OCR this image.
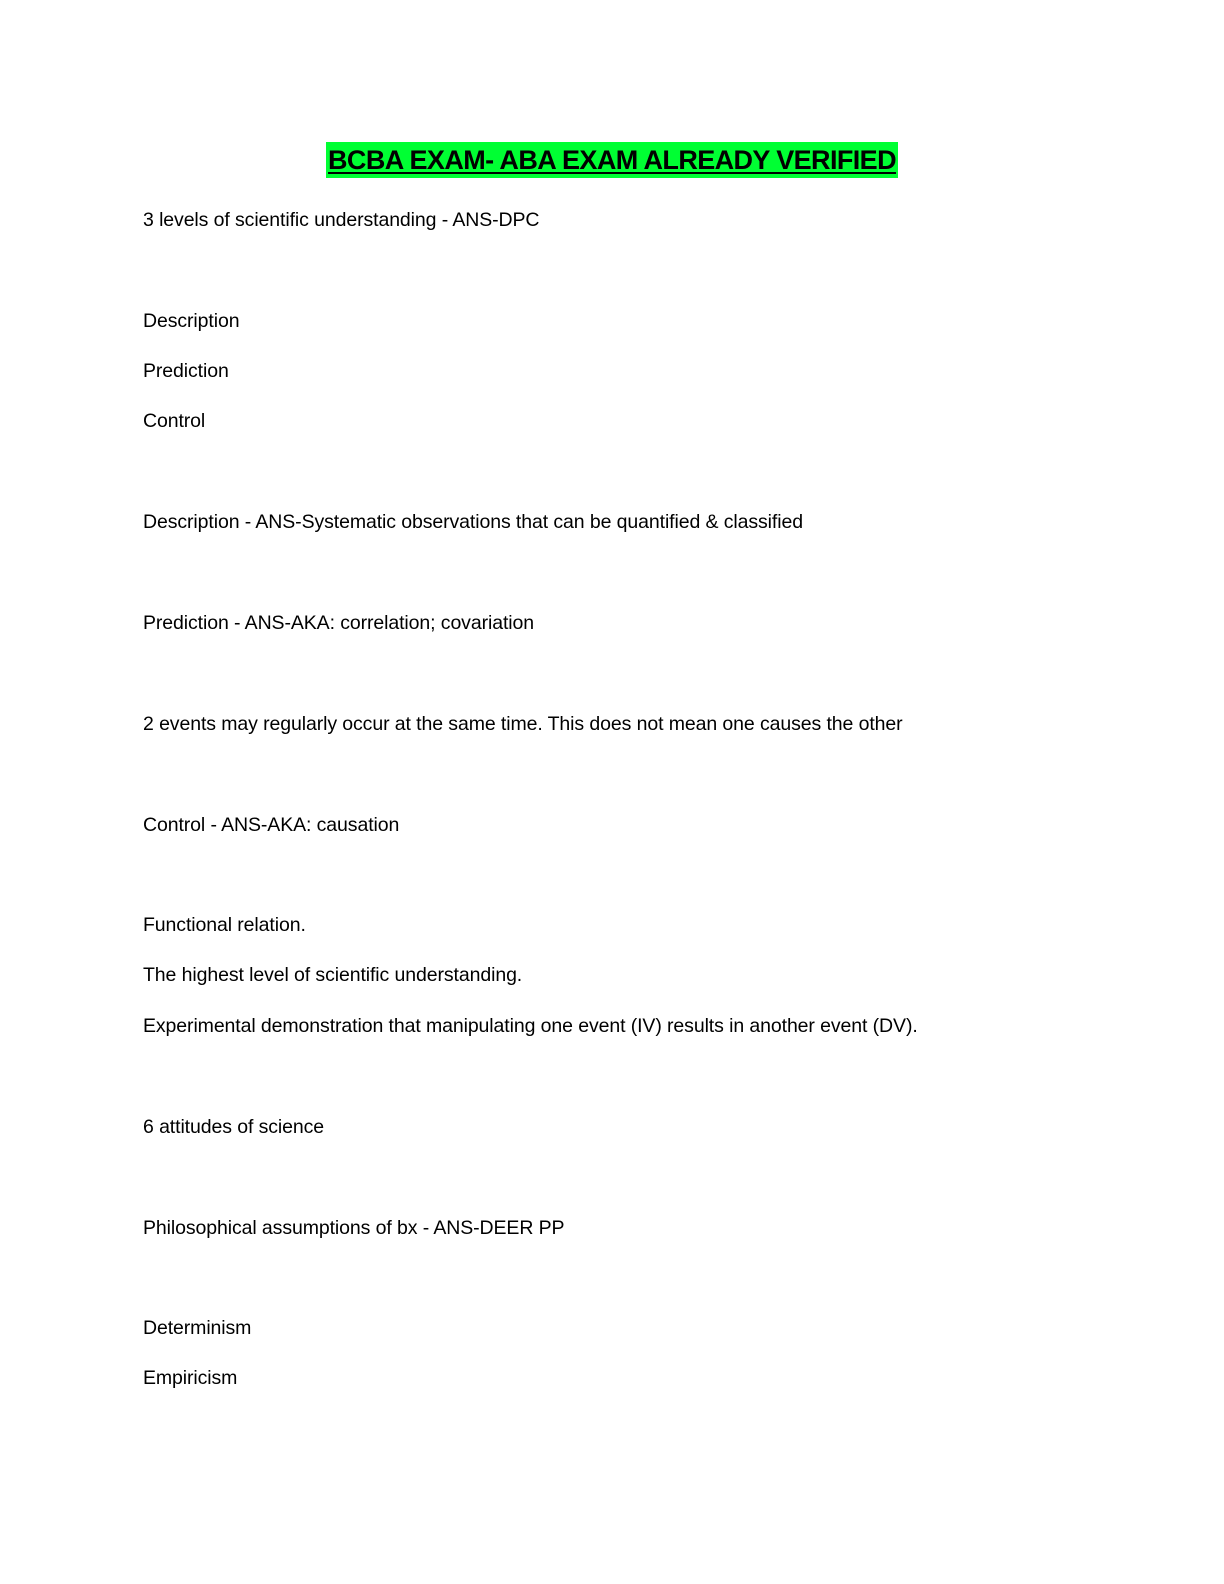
BCBA EXAM- ABA EXAM ALREADY VERIFIED
3 levels of scientific understanding - ANS-DPC
Description
Prediction
Control
Description - ANS-Systematic observations that can be quantified & classified
Prediction - ANS-AKA: correlation; covariation
2 events may regularly occur at the same time. This does not mean one causes the other
Control - ANS-AKA: causation
Functional relation.
The highest level of scientific understanding.
Experimental demonstration that manipulating one event (IV) results in another event (DV).
6 attitudes of science
Philosophical assumptions of bx - ANS-DEER PP
Determinism
Empiricism
